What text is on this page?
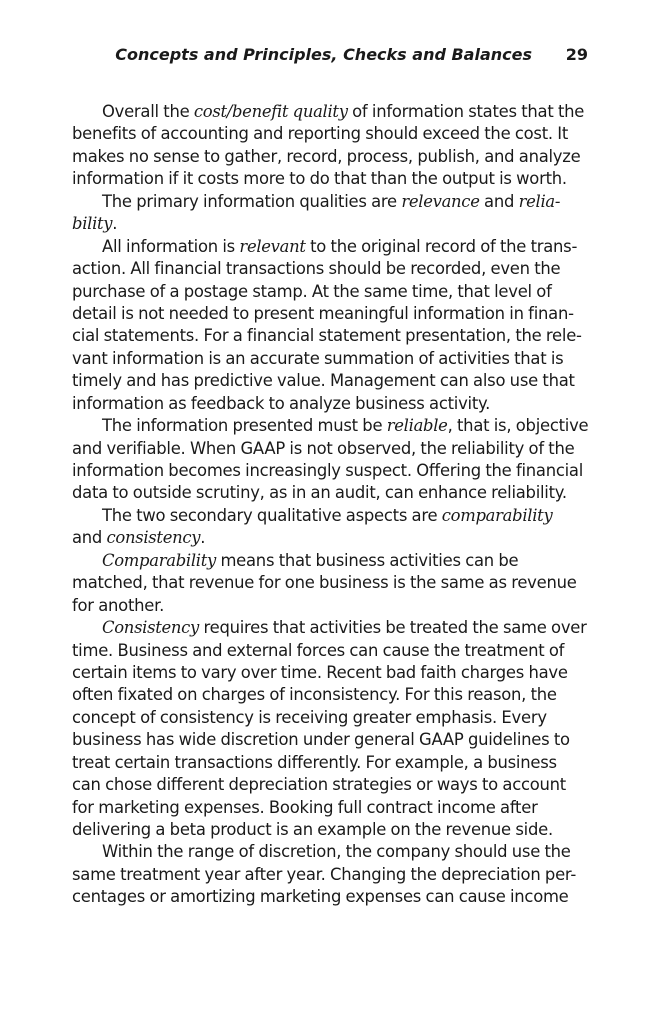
Concepts and Principles, Checks and Balances 29
Overall the cost/benefit quality of information states that the
benefits of accounting and reporting should exceed the cost. It
makes no sense to gather, record, process, publish, and analyze
information if it costs more to do that than the output is worth.
The primary information qualities are relevance and relia-
bility.
All information is relevant to the original record of the trans-
action. All financial transactions should be recorded, even the
purchase of a postage stamp. At the same time, that level of
detail is not needed to present meaningful information in finan-
cial statements. For a financial statement presentation, the rele-
vant information is an accurate summation of activities that is
timely and has predictive value. Management can also use that
information as feedback to analyze business activity.
The information presented must be reliable, that is, objective
and verifiable. When GAAP is not observed, the reliability of the
information becomes increasingly suspect. Offering the financial
data to outside scrutiny, as in an audit, can enhance reliability.
The two secondary qualitative aspects are comparability
and consistency.
Comparability means that business activities can be
matched, that revenue for one business is the same as revenue
for another.
Consistency requires that activities be treated the same over
time. Business and external forces can cause the treatment of
certain items to vary over time. Recent bad faith charges have
often fixated on charges of inconsistency. For this reason, the
concept of consistency is receiving greater emphasis. Every
business has wide discretion under general GAAP guidelines to
treat certain transactions differently. For example, a business
can chose different depreciation strategies or ways to account
for marketing expenses. Booking full contract income after
delivering a beta product is an example on the revenue side.
Within the range of discretion, the company should use the
same treatment year after year. Changing the depreciation per-
centages or amortizing marketing expenses can cause income
